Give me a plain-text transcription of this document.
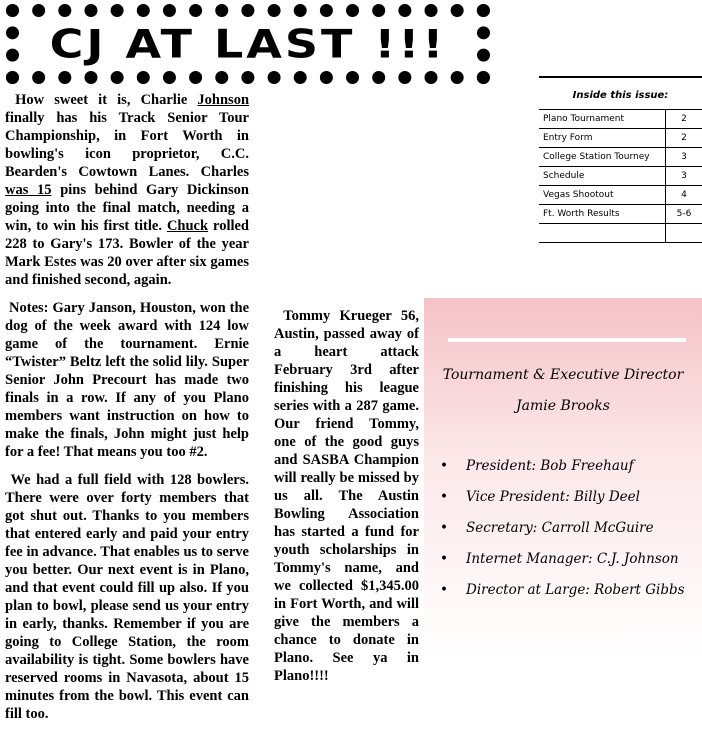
CJ AT LAST !!!

How sweet it is, Charlie Johnson finally has his Track Senior Tour Championship, in Fort Worth in bowling's icon proprietor, C.C. Bearden's Cowtown Lanes. Charles was 15 pins behind Gary Dickinson going into the final match, needing a win, to win his first title. Chuck rolled 228 to Gary's 173. Bowler of the year Mark Estes was 20 over after six games and finished second, again.

Notes: Gary Janson, Houston, won the dog of the week award with 124 low game of the tournament. Ernie “Twister” Beltz left the solid lily. Super Senior John Precourt has made two finals in a row. If any of you Plano members want instruction on how to make the finals, John might just help for a fee! That means you too #2.

We had a full field with 128 bowlers. There were over forty members that got shut out. Thanks to you members that entered early and paid your entry fee in advance. That enables us to serve you better. Our next event is in Plano, and that event could fill up also. If you plan to bowl, please send us your entry in early, thanks. Remember if you are going to College Station, the room availability is tight. Some bowlers have reserved rooms in Navasota, about 15 minutes from the bowl. This event can fill too.

Tommy Krueger 56, Austin, passed away of a heart attack February 3rd after finishing his league series with a 287 game. Our friend Tommy, one of the good guys and SASBA Champion will really be missed by us all. The Austin Bowling Association has started a fund for youth scholarships in Tommy's name, and we collected $1,345.00 in Fort Worth, and will give the members a chance to donate in Plano. See ya in Plano!!!!

Inside this issue:
Plano Tournament	2
Entry Form	2
College Station Tourney	3
Schedule	3
Vegas Shootout	4
Ft. Worth Results	5-6

Tournament & Executive Director
Jamie Brooks
•	President: Bob Freehauf
•	Vice President: Billy Deel
•	Secretary: Carroll McGuire
•	Internet Manager: C.J. Johnson
•	Director at Large: Robert Gibbs
